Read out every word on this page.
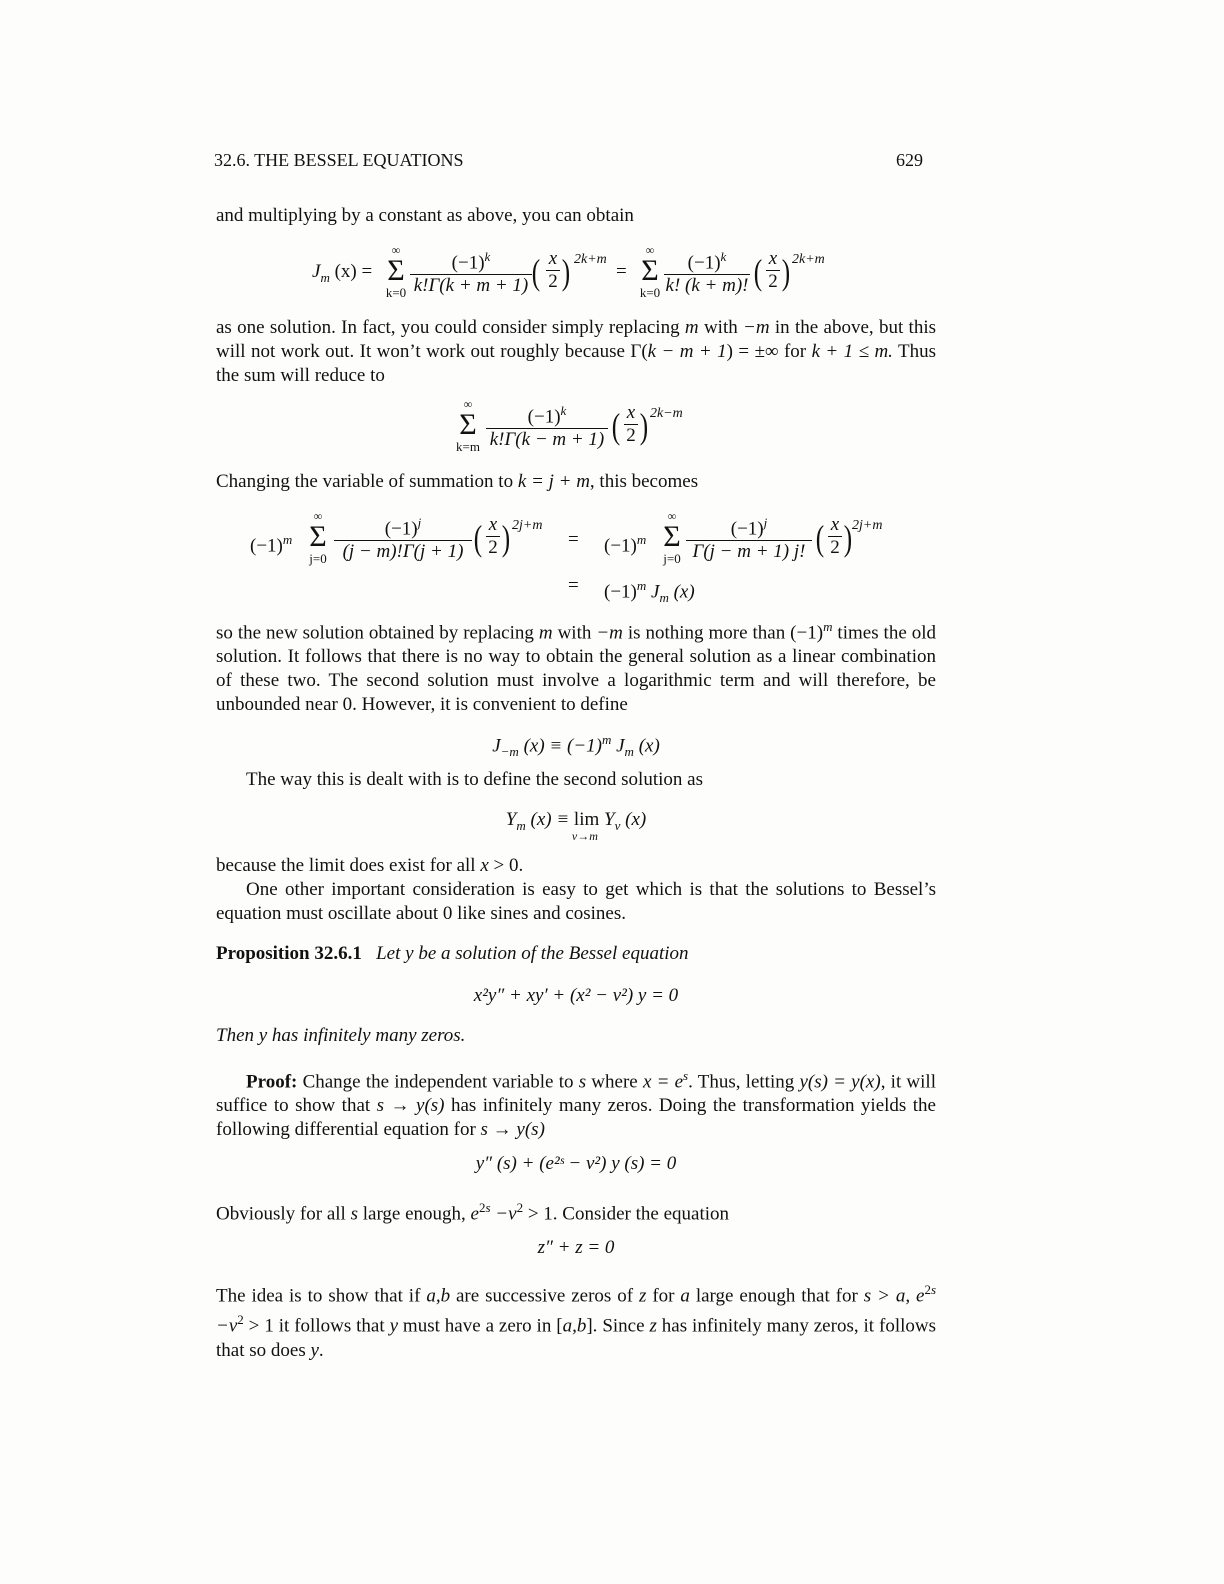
32.6. THE BESSEL EQUATIONS	629
and multiplying by a constant as above, you can obtain
$J_m$ (x) =
∞
Σ
$k=0 \frac{(-1)^k}{k!\Gamma(k + m + 1)}$ ( $\frac{x}{2}$ ) 2k+m
=
∞
Σ
$k=0 \frac{(-1)^k}{k! (k + m)!}$ ( $\frac{x}{2}$ ) 2k+m
as one solution. In fact, you could consider simply replacing m with −m in the above, but this will not work out. It won’t work out roughly because Γ(k − m + 1) = ±∞ for k + 1 ≤ m. Thus the sum will reduce to
∞
Σ
$k=m \frac{(-1)^k}{k!\Gamma(k - m + 1)}$ ( $\frac{x}{2}$ ) 2k−m
Changing the variable of summation to k = j + m, this becomes
$(-1)^m$
∞
Σ
$j=0 \frac{(-1)^j}{(j - m)!\Gamma(j + 1)}$ ( $\frac{x}{2}$ ) 2j+m
= $(-1)^m$
∞
Σ
$j=0 \frac{(-1)^j}{\Gamma(j - m + 1) j!}$ ( $\frac{x}{2}$ ) 2j+m
= $(-1)^m$ $J_m$ (x)
so the new solution obtained by replacing m with −m is nothing more than $(-1)^m$ times the old solution. It follows that there is no way to obtain the general solution as a linear combination of these two. The second solution must involve a logarithmic term and will therefore, be unbounded near 0. However, it is convenient to define
$J_{-m}$ $(x) \equiv (-1)^m$ $J_m$ (x)
The way this is dealt with is to define the second solution as
$Y_m$ (x) ≡ lim
ν→m
$Y_\nu$ (x)
because the limit does exist for all x > 0.
One other important consideration is easy to get which is that the solutions to Bessel’s equation must oscillate about 0 like sines and cosines.
Proposition 32.6.1 Let y be a solution of the Bessel equation
x²y″ + xy′ + (x² − ν²) y = 0
Then y has infinitely many zeros.
Proof: Change the independent variable to s where $x = e^s$. Thus, letting y(s) = y(x), it will suffice to show that s → y(s) has infinitely many zeros. Doing the transformation yields the following differential equation for s → y(s)
y″ (s) + (e²ˢ − ν²) y (s) = 0
Obviously for all s large enough, $e^{2s} -\nu^2 > 1$. Consider the equation
z″ + z = 0
The idea is to show that if a,b are successive zeros of z for a large enough that for s > a, $e^{2s} -\nu^2 > 1$ it follows that y must have a zero in [a,b]. Since z has infinitely many zeros, it follows that so does y.
